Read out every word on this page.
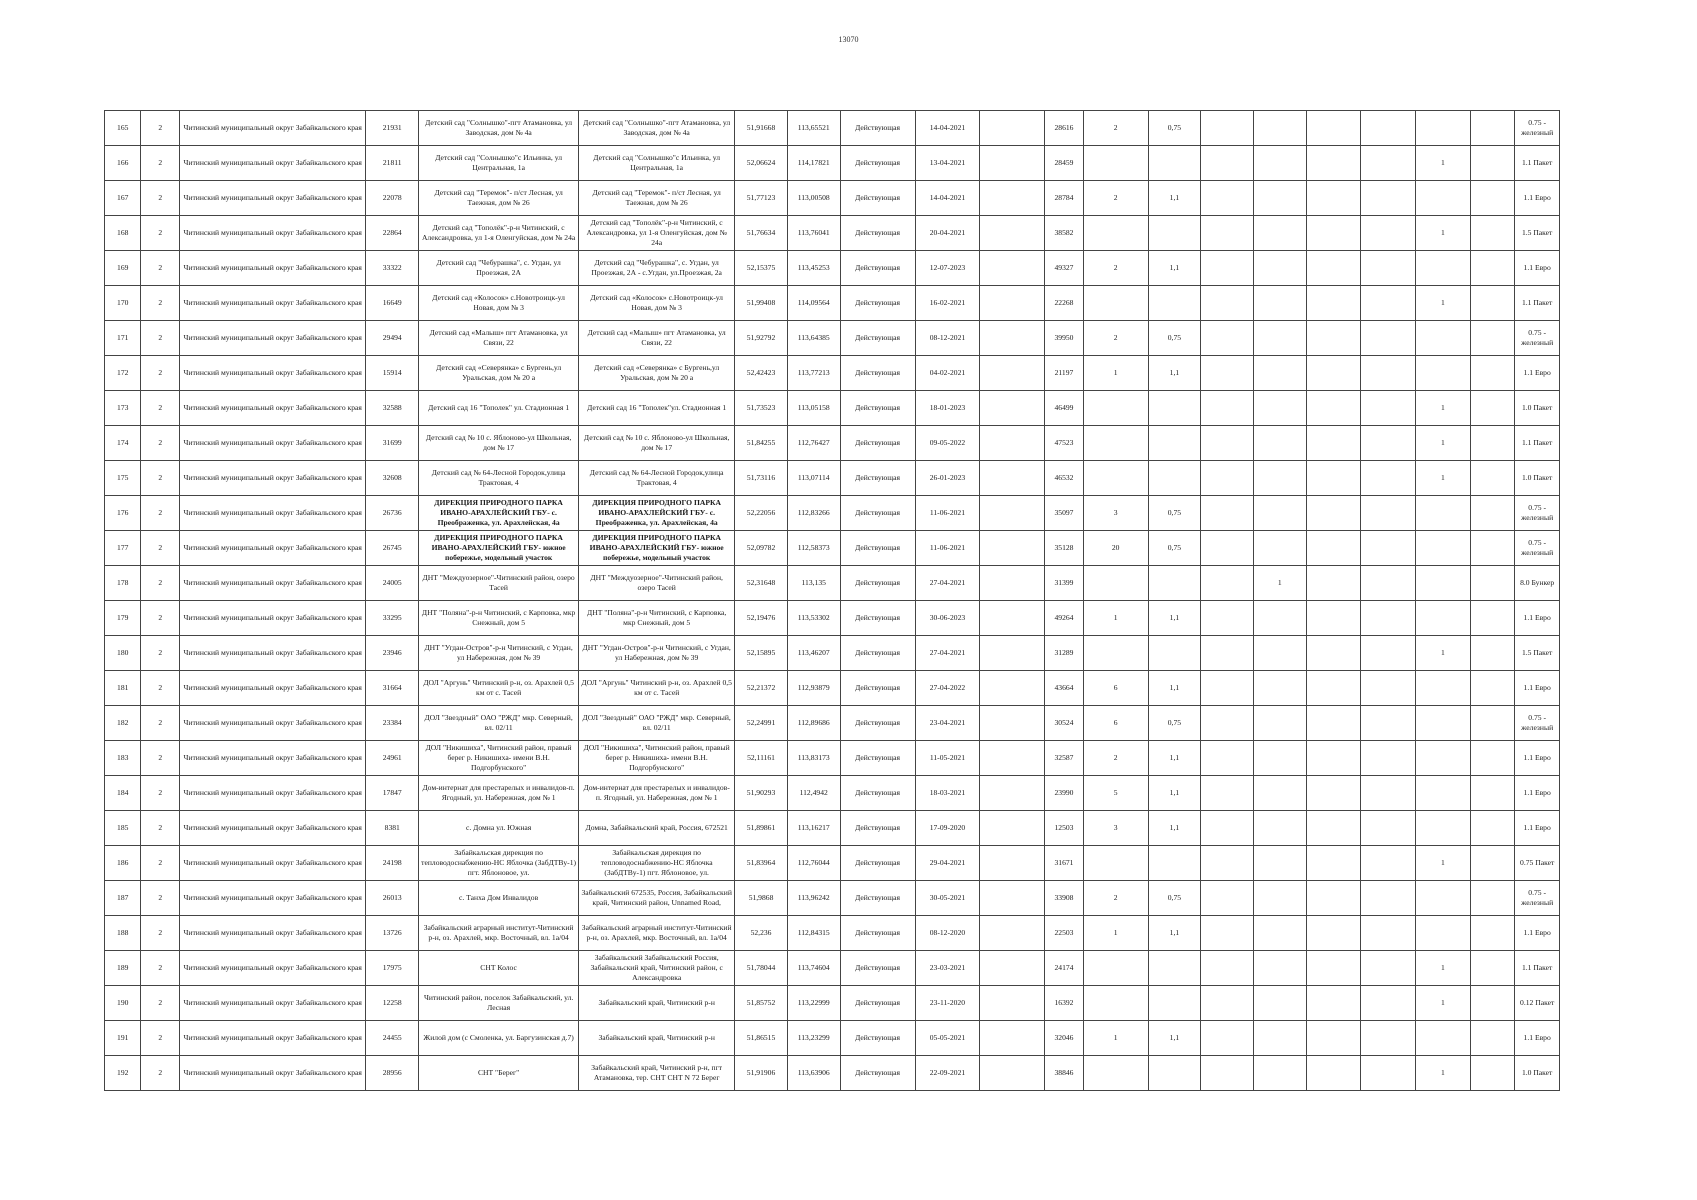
13070
165	2	Читинский муниципальный округ Забайкальского края	21931	Детский сад "Солнышко"-пгт Атамановка, ул Заводская, дом № 4а	Детский сад "Солнышко"-пгт Атамановка, ул Заводская, дом № 4а	51,91668	113,65521	Действующая	14-04-2021		28616	2	0,75							0.75 - железный
166	2	Читинский муниципальный округ Забайкальского края	21811	Детский сад "Солнышко"с Ильинка, ул Центральная, 1а	Детский сад "Солнышко"с Ильинка, ул Центральная, 1а	52,06624	114,17821	Действующая	13-04-2021		28459							1		1.1 Пакет
167	2	Читинский муниципальный округ Забайкальского края	22078	Детский сад "Теремок"- п/ст Лесная, ул Таежная, дом № 26	Детский сад "Теремок"- п/ст Лесная, ул Таежная, дом № 26	51,77123	113,00508	Действующая	14-04-2021		28784	2	1,1							1.1 Евро
168	2	Читинский муниципальный округ Забайкальского края	22864	Детский сад "Тополёк"-р-н Читинский, с Александровка, ул 1-я Оленгуйская, дом № 24а	Детский сад "Тополёк"-р-н Читинский, с Александровка, ул 1-я Оленгуйская, дом № 24а	51,76634	113,76041	Действующая	20-04-2021		38582							1		1.5 Пакет
169	2	Читинский муниципальный округ Забайкальского края	33322	Детский сад "Чебурашка", с. Угдан, ул Проезжая, 2А	Детский сад "Чебурашка", с. Угдан, ул Проезжая, 2А - с.Угдан, ул.Проезжая, 2а	52,15375	113,45253	Действующая	12-07-2023		49327	2	1,1							1.1 Евро
170	2	Читинский муниципальный округ Забайкальского края	16649	Детский сад «Колосок» с.Новотроицк-ул Новая, дом № 3	Детский сад «Колосок» с.Новотроицк-ул Новая, дом № 3	51,99408	114,09564	Действующая	16-02-2021		22268							1		1.1 Пакет
171	2	Читинский муниципальный округ Забайкальского края	29494	Детский сад «Малыш» пгт Атамановка, ул Связи, 22	Детский сад «Малыш» пгт Атамановка, ул Связи, 22	51,92792	113,64385	Действующая	08-12-2021		39950	2	0,75							0.75 - железный
172	2	Читинский муниципальный округ Забайкальского края	15914	Детский сад «Северянка» с Бургень,ул Уральская, дом № 20 а	Детский сад «Северянка» с Бургень,ул Уральская, дом № 20 а	52,42423	113,77213	Действующая	04-02-2021		21197	1	1,1							1.1 Евро
173	2	Читинский муниципальный округ Забайкальского края	32588	Детский сад 16 "Тополек" ул. Стадионная 1	Детский сад 16 "Тополек"ул. Стадионная 1	51,73523	113,05158	Действующая	18-01-2023		46499							1		1.0 Пакет
174	2	Читинский муниципальный округ Забайкальского края	31699	Детский сад № 10 с. Яблоново-ул Школьная, дом № 17	Детский сад № 10 с. Яблоново-ул Школьная, дом № 17	51,84255	112,76427	Действующая	09-05-2022		47523							1		1.1 Пакет
175	2	Читинский муниципальный округ Забайкальского края	32608	Детский сад № 64-Лесной Городок,улица Трактовая, 4	Детский сад № 64-Лесной Городок,улица Трактовая, 4	51,73116	113,07114	Действующая	26-01-2023		46532							1		1.0 Пакет
176	2	Читинский муниципальный округ Забайкальского края	26736	ДИРЕКЦИЯ ПРИРОДНОГО ПАРКА ИВАНО-АРАХЛЕЙСКИЙ ГБУ- с. Преображенка, ул. Арахлейская, 4а	ДИРЕКЦИЯ ПРИРОДНОГО ПАРКА ИВАНО-АРАХЛЕЙСКИЙ ГБУ- с. Преображенка, ул. Арахлейская, 4а	52,22056	112,83266	Действующая	11-06-2021		35097	3	0,75							0.75 - железный
177	2	Читинский муниципальный округ Забайкальского края	26745	ДИРЕКЦИЯ ПРИРОДНОГО ПАРКА ИВАНО-АРАХЛЕЙСКИЙ ГБУ- южное побережье, модельный участок	ДИРЕКЦИЯ ПРИРОДНОГО ПАРКА ИВАНО-АРАХЛЕЙСКИЙ ГБУ- южное побережье, модельный участок	52,09782	112,58373	Действующая	11-06-2021		35128	20	0,75							0.75 - железный
178	2	Читинский муниципальный округ Забайкальского края	24005	ДНТ "Междуозерное"-Читинский район, озеро Тасей	ДНТ "Междуозерное"-Читинский район, озеро Тасей	52,31648	113,135	Действующая	27-04-2021		31399				1					8.0 Бункер
179	2	Читинский муниципальный округ Забайкальского края	33295	ДНТ "Поляна"-р-н Читинский, с Карповка, мкр Снежный, дом 5	ДНТ "Поляна"-р-н Читинский, с Карповка, мкр Снежный, дом 5	52,19476	113,53302	Действующая	30-06-2023		49264	1	1,1							1.1 Евро
180	2	Читинский муниципальный округ Забайкальского края	23946	ДНТ "Угдан-Остров"-р-н Читинский, с Угдан, ул Набережная, дом № 39	ДНТ "Угдан-Остров"-р-н Читинский, с Угдан, ул Набережная, дом № 39	52,15895	113,46207	Действующая	27-04-2021		31289							1		1.5 Пакет
181	2	Читинский муниципальный округ Забайкальского края	31664	ДОЛ "Аргунь" Читинский р-н, оз. Арахлей 0,5 км от с. Тасей	ДОЛ "Аргунь" Читинский р-н, оз. Арахлей 0,5 км от с. Тасей	52,21372	112,93879	Действующая	27-04-2022		43664	6	1,1							1.1 Евро
182	2	Читинский муниципальный округ Забайкальского края	23384	ДОЛ "Звездный" ОАО "РЖД" мкр. Северный, вл. 02/11	ДОЛ "Звездный" ОАО "РЖД" мкр. Северный, вл. 02/11	52,24991	112,89686	Действующая	23-04-2021		30524	6	0,75							0.75 - железный
183	2	Читинский муниципальный округ Забайкальского края	24961	ДОЛ "Никишиха", Читинский район, правый берег р. Никишиха- имени В.Н. Подгорбунского"	ДОЛ "Никишиха", Читинский район, правый берег р. Никишиха- имени В.Н. Подгорбунского"	52,11161	113,83173	Действующая	11-05-2021		32587	2	1,1							1.1 Евро
184	2	Читинский муниципальный округ Забайкальского края	17847	Дом-интернат для престарелых и инвалидов-п. Ягодный, ул. Набережная, дом № 1	Дом-интернат для престарелых и инвалидов-п. Ягодный, ул. Набережная, дом № 1	51,90293	112,4942	Действующая	18-03-2021		23990	5	1,1							1.1 Евро
185	2	Читинский муниципальный округ Забайкальского края	8381	с. Домна ул. Южная	Домна, Забайкальский край, Россия, 672521	51,89861	113,16217	Действующая	17-09-2020		12503	3	1,1							1.1 Евро
186	2	Читинский муниципальный округ Забайкальского края	24198	Забайкальская дирекция по тепловодоснабжению-НС Яблочка (ЗабДТВу-1) пгт. Яблоновое, ул.	Забайкальская дирекция по тепловодоснабжению-НС Яблочка (ЗабДТВу-1) пгт. Яблоновое, ул.	51,83964	112,76044	Действующая	29-04-2021		31671							1		0.75 Пакет
187	2	Читинский муниципальный округ Забайкальского края	26013	с. Танха Дом Инвалидов	Забайкальский 672535, Россия, Забайкальский край, Читинский район, Unnamed Road,	51,9868	113,96242	Действующая	30-05-2021		33908	2	0,75							0.75 - железный
188	2	Читинский муниципальный округ Забайкальского края	13726	Забайкальский аграрный институт-Читинский р-н, оз. Арахлей, мкр. Восточный, вл. 1а/04	Забайкальский аграрный институт-Читинский р-н, оз. Арахлей, мкр. Восточный, вл. 1а/04	52,236	112,84315	Действующая	08-12-2020		22503	1	1,1							1.1 Евро
189	2	Читинский муниципальный округ Забайкальского края	17975	СНТ Колос	Забайкальский Забайкальский Россия, Забайкальский край, Читинский район, с Александровка	51,78044	113,74604	Действующая	23-03-2021		24174							1		1.1 Пакет
190	2	Читинский муниципальный округ Забайкальского края	12258	Читинский район, поселок Забайкальский, ул. Лесная	Забайкальский край, Читинский р-н	51,85752	113,22999	Действующая	23-11-2020		16392							1		0.12 Пакет
191	2	Читинский муниципальный округ Забайкальского края	24455	Жилой дом (с Смоленка, ул. Баргузинская д.7)	Забайкальский край, Читинский р-н	51,86515	113,23299	Действующая	05-05-2021		32046	1	1,1							1.1 Евро
192	2	Читинский муниципальный округ Забайкальского края	28956	СНТ "Берег"	Забайкальский край, Читинский р-н, пгт Атамановка, тер. СНТ СНТ N 72 Берег	51,91906	113,63906	Действующая	22-09-2021		38846							1		1.0 Пакет
